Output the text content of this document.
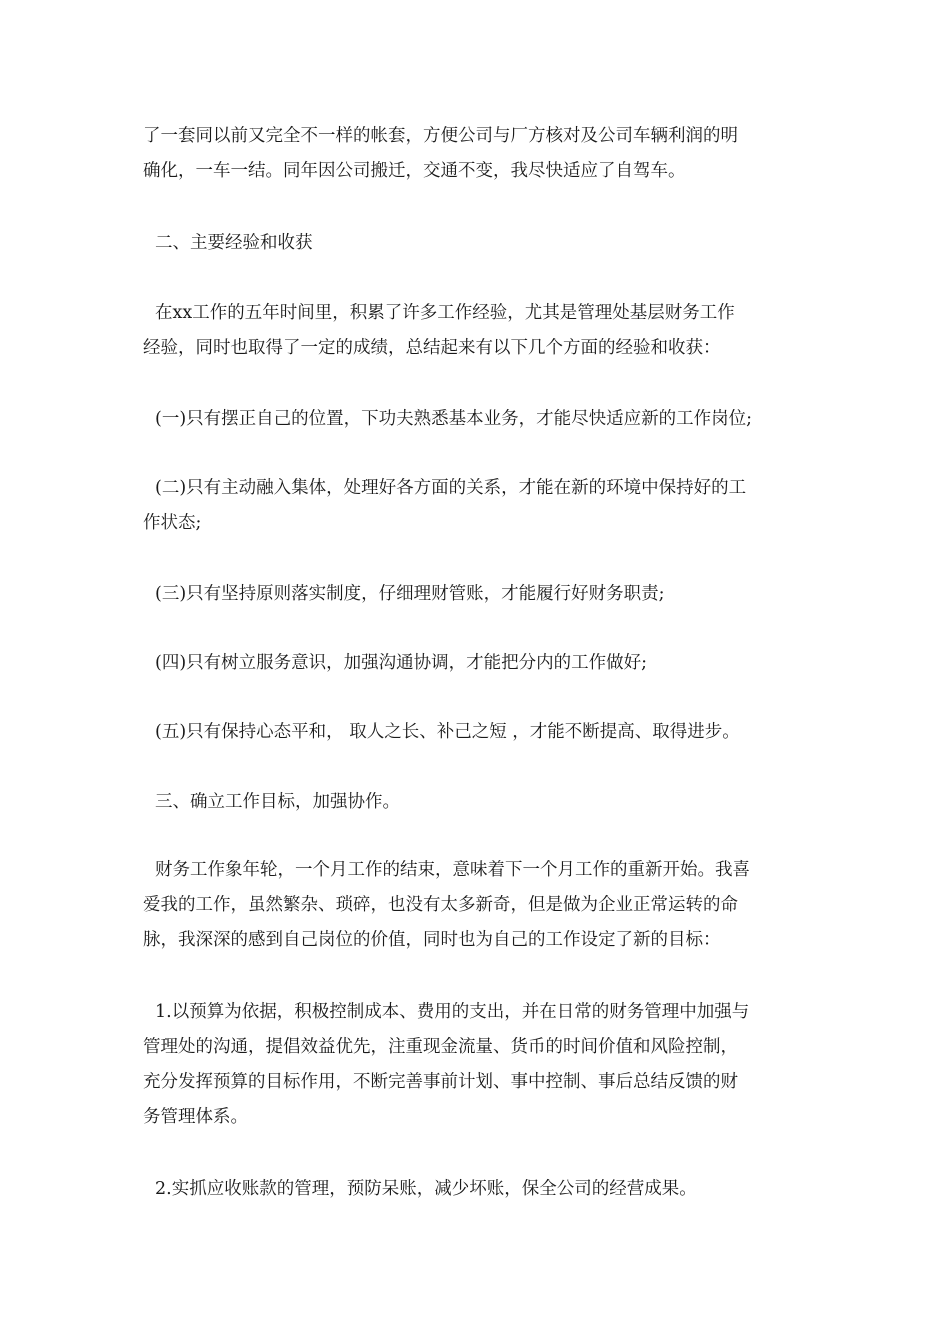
了一套同以前又完全不一样的帐套，方便公司与厂方核对及公司车辆利润的明
确化，一车一结。同年因公司搬迁，交通不变，我尽快适应了自驾车。

二、主要经验和收获

在xx工作的五年时间里，积累了许多工作经验，尤其是管理处基层财务工作
经验，同时也取得了一定的成绩，总结起来有以下几个方面的经验和收获：

(一)只有摆正自己的位置，下功夫熟悉基本业务，才能尽快适应新的工作岗位;

(二)只有主动融入集体，处理好各方面的关系，才能在新的环境中保持好的工
作状态;

(三)只有坚持原则落实制度，仔细理财管账，才能履行好财务职责;

(四)只有树立服务意识，加强沟通协调，才能把分内的工作做好;

(五)只有保持心态平和， 取人之长、补己之短 ，才能不断提高、取得进步。

三、确立工作目标，加强协作。

财务工作象年轮，一个月工作的结束，意味着下一个月工作的重新开始。我喜
爱我的工作，虽然繁杂、琐碎，也没有太多新奇，但是做为企业正常运转的命
脉，我深深的感到自己岗位的价值，同时也为自己的工作设定了新的目标：

1.以预算为依据，积极控制成本、费用的支出，并在日常的财务管理中加强与
管理处的沟通，提倡效益优先，注重现金流量、货币的时间价值和风险控制，
充分发挥预算的目标作用，不断完善事前计划、事中控制、事后总结反馈的财
务管理体系。

2.实抓应收账款的管理，预防呆账，减少坏账，保全公司的经营成果。
